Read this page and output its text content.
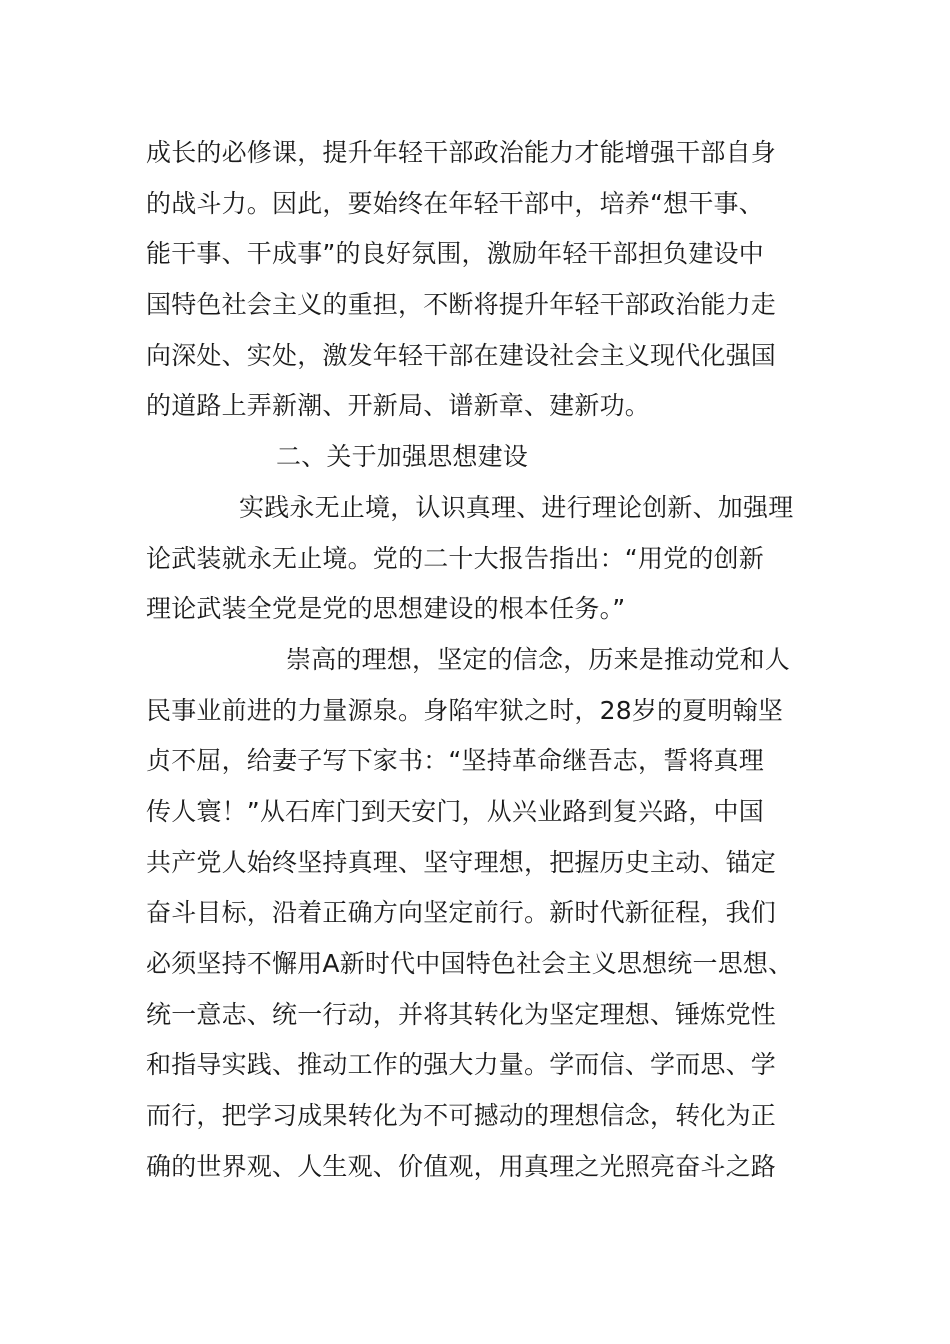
成长的必修课，提升年轻干部政治能力才能增强干部自身
的战斗力。因此，要始终在年轻干部中，培养“想干事、
能干事、干成事”的良好氛围，激励年轻干部担负建设中
国特色社会主义的重担，不断将提升年轻干部政治能力走
向深处、实处，激发年轻干部在建设社会主义现代化强国
的道路上弄新潮、开新局、谱新章、建新功。
二、关于加强思想建设
实践永无止境，认识真理、进行理论创新、加强理
论武装就永无止境。党的二十大报告指出：“用党的创新
理论武装全党是党的思想建设的根本任务。”
崇高的理想，坚定的信念，历来是推动党和人
民事业前进的力量源泉。身陷牢狱之时，28岁的夏明翰坚
贞不屈，给妻子写下家书：“坚持革命继吾志，誓将真理
传人寰！”从石库门到天安门，从兴业路到复兴路，中国
共产党人始终坚持真理、坚守理想，把握历史主动、锚定
奋斗目标，沿着正确方向坚定前行。新时代新征程，我们
必须坚持不懈用A新时代中国特色社会主义思想统一思想、
统一意志、统一行动，并将其转化为坚定理想、锤炼党性
和指导实践、推动工作的强大力量。学而信、学而思、学
而行，把学习成果转化为不可撼动的理想信念，转化为正
确的世界观、人生观、价值观，用真理之光照亮奋斗之路
